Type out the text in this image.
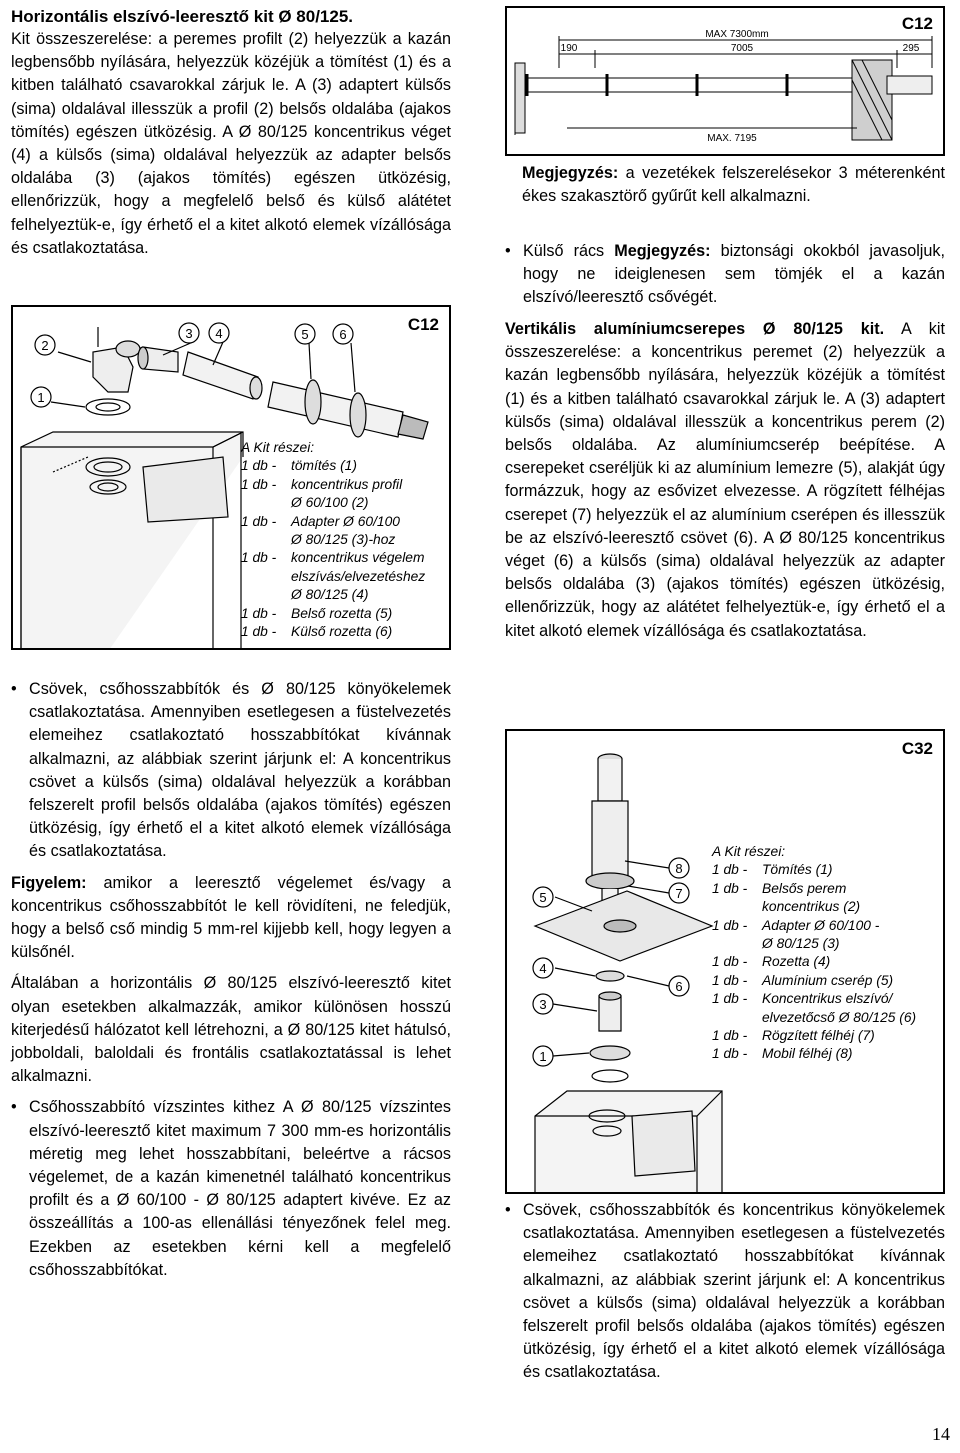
Horizontális elszívó-leeresztő kit Ø 80/125.

Kit összeszerelése: a peremes profilt (2) helyezzük a kazán legbensőbb nyílására, helyezzük közéjük a tömítést (1) és a kitben található csavarokkal zárjuk le. A (3) adaptert külsős (sima) oldalával illesszük a profil (2) belsős oldalába (ajakos tömítés) egészen ütközésig. A Ø 80/125 koncentrikus véget (4) a külsős (sima) oldalával helyezzük az adapter belsős oldalába (3) (ajakos tömítés) egészen ütközésig, ellenőrizzük, hogy a megfelelő belső és külső alátétet felhelyeztük-e, így érhető el a kitet alkotó elemek vízállósága és csatlakoztatása.

C12
2
1
3 4	5 6
A Kit részei:
1 db -	tömítés (1)
1 db -	koncentrikus profil
Ø 60/100 (2)
1 db -	Adapter Ø 60/100
Ø 80/125 (3)-hoz
1 db -	koncentrikus végelem
elszívás/elvezetéshez
Ø 80/125 (4)
1 db -	Belső rozetta (5)
1 db -	Külső rozetta (6)

• Csövek, csőhosszabbítók és Ø 80/125 könyökelemek csatlakoztatása. Amennyiben esetlegesen a füstelvezetés elemeihez csatlakoztató hosszabbítókat kívánnak alkalmazni, az alábbiak szerint járjunk el: A koncentrikus csövet a külsős (sima) oldalával helyezzük a korábban felszerelt profil belsős oldalába (ajakos tömítés) egészen ütközésig, így érhető el a kitet alkotó elemek vízállósága és csatlakoztatása.

Figyelem: amikor a leeresztő végelemet és/vagy a koncentrikus csőhosszabbítót le kell rövidíteni, ne feledjük, hogy a belső cső mindig 5 mm-rel kijjebb kell, hogy legyen a külsőnél.

Általában a horizontális Ø 80/125 elszívó-leeresztő kitet olyan esetekben alkalmazzák, amikor különösen hosszú kiterjedésű hálózatot kell létrehozni, a Ø 80/125 kitet hátulsó, jobboldali, baloldali és frontális csatlakoztatással is lehet alkalmazni.

• Csőhosszabbító vízszintes kithez A Ø 80/125 vízszintes elszívó-leeresztő kitet maximum 7 300 mm-es horizontális méretig meg lehet hosszabbítani, beleértve a rácsos végelemet, de a kazán kimenetnél található koncentrikus profilt és a Ø 60/100 - Ø 80/125 adaptert kivéve. Ez az összeállítás a 100-as ellenállási tényezőnek felel meg. Ezekben az esetekben kérni kell a megfelelő csőhosszabbítókat.

C12
MAX 7300mm
190	7005	295
MAX. 7195

Megjegyzés: a vezetékek felszerelésekor 3 méterenként ékes szakasztörő gyűrűt kell alkalmazni.

• Külső rács Megjegyzés: biztonsági okokból javasoljuk, hogy ne ideiglenesen sem tömjék el a kazán elszívó/leeresztő csővégét.

Vertikális alumíniumcserepes Ø 80/125 kit. A kit összeszerelése: a koncentrikus peremet (2) helyezzük a kazán legbensőbb nyílására, helyezzük közéjük a tömítést (1) és a kitben található csavarokkal zárjuk le. A (3) adaptert külsős (sima) oldalával illesszük a koncentrikus perem (2) belsős oldalába. Az alumíniumcserép beépítése. A cserepeket cseréljük ki az alumínium lemezre (5), alakját úgy formázzuk, hogy az esővizet elvezesse. A rögzített félhéjas cserepet (7) helyezzük el az alumínium cserépen és illesszük be az elszívó-leeresztő csövet (6). A Ø 80/125 koncentrikus véget (6) a külsős (sima) oldalával helyezzük az adapter belsős oldalába (3) (ajakos tömítés) egészen ütközésig, ellenőrizzük, hogy az alátétet felhelyeztük-e, így érhető el a kitet alkotó elemek vízállósága és csatlakoztatása.

C32
5
4
3
1
8
7
6
A Kit részei:
1 db -	Tömítés (1)
1 db -	Belsős perem
koncentrikus (2)
1 db -	Adapter Ø 60/100 -
Ø 80/125 (3)
1 db -	Rozetta (4)
1 db -	Alumínium cserép (5)
1 db -	Koncentrikus elszívó/
elvezetőcső Ø 80/125 (6)
1 db -	Rögzített félhéj (7)
1 db -	Mobil félhéj (8)

• Csövek, csőhosszabbítók és koncentrikus könyökelemek csatlakoztatása. Amennyiben esetlegesen a füstelvezetés elemeihez csatlakoztató hosszabbítókat kívánnak alkalmazni, az alábbiak szerint járjunk el: A koncentrikus csövet a külsős (sima) oldalával helyezzük a korábban felszerelt profil belsős oldalába (ajakos tömítés) egészen ütközésig, így érhető el a kitet alkotó elemek vízállósága és csatlakoztatása.

14
